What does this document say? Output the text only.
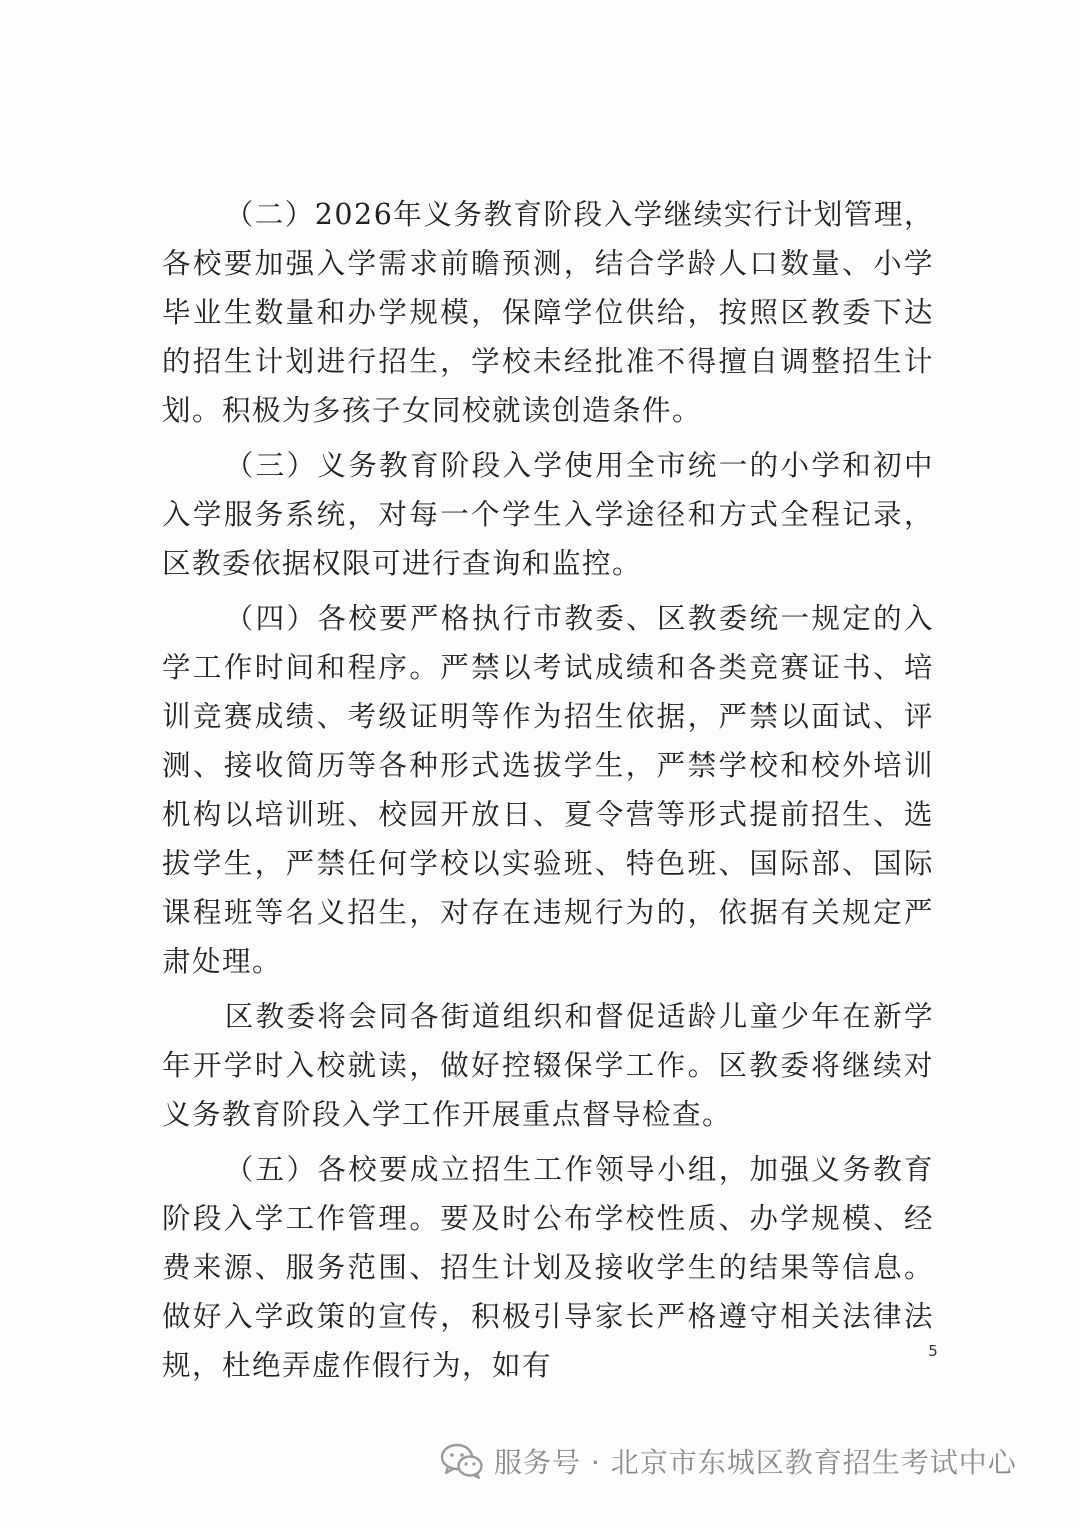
（二）2026年义务教育阶段入学继续实行计划管理，各校要加强入学需求前瞻预测，结合学龄人口数量、小学毕业生数量和办学规模，保障学位供给，按照区教委下达的招生计划进行招生，学校未经批准不得擅自调整招生计划。积极为多孩子女同校就读创造条件。

（三）义务教育阶段入学使用全市统一的小学和初中入学服务系统，对每一个学生入学途径和方式全程记录，区教委依据权限可进行查询和监控。

（四）各校要严格执行市教委、区教委统一规定的入学工作时间和程序。严禁以考试成绩和各类竞赛证书、培训竞赛成绩、考级证明等作为招生依据，严禁以面试、评测、接收简历等各种形式选拔学生，严禁学校和校外培训机构以培训班、校园开放日、夏令营等形式提前招生、选拔学生，严禁任何学校以实验班、特色班、国际部、国际课程班等名义招生，对存在违规行为的，依据有关规定严肃处理。

区教委将会同各街道组织和督促适龄儿童少年在新学年开学时入校就读，做好控辍保学工作。区教委将继续对义务教育阶段入学工作开展重点督导检查。

（五）各校要成立招生工作领导小组，加强义务教育阶段入学工作管理。要及时公布学校性质、办学规模、经费来源、服务范围、招生计划及接收学生的结果等信息。做好入学政策的宣传，积极引导家长严格遵守相关法律法规，杜绝弄虚作假行为，如有	5
服务号 · 北京市东城区教育招生考试中心
